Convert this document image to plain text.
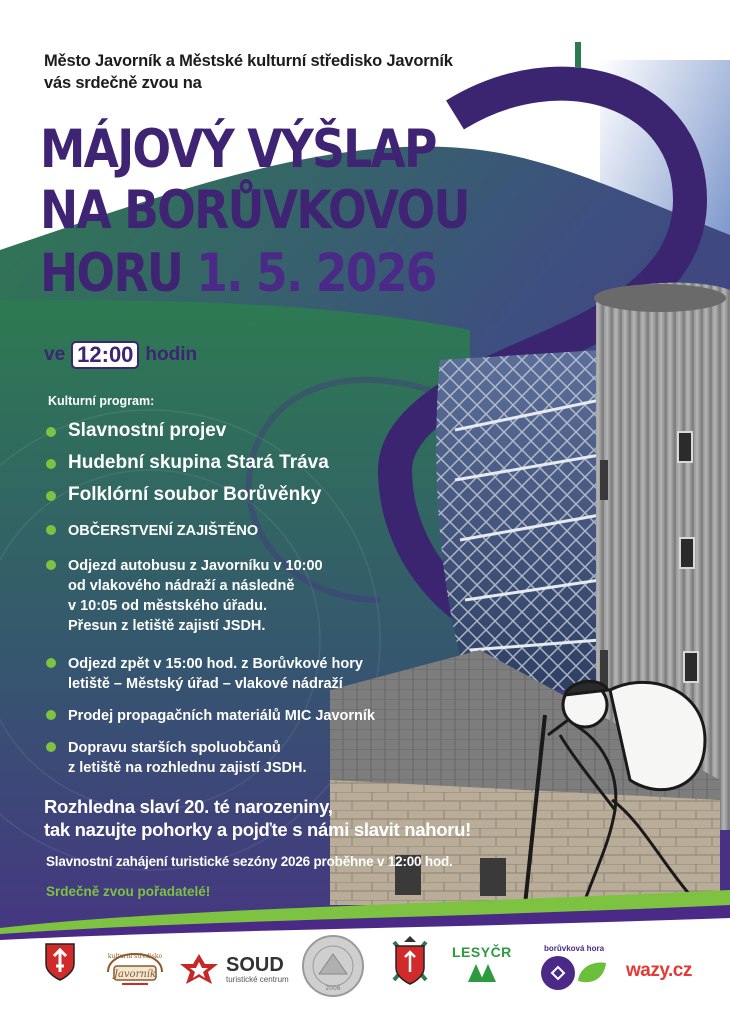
Město Javorník a Městské kulturní středisko Javorník
vás srdečně zvou na

MÁJOVÝ VÝŠLAP
NA BORŮVKOVOU
HORU 1. 5. 2026
ve 12:00 hodin
Kulturní program:
Slavnostní projev
Hudební skupina Stará Tráva
Folklórní soubor Borůvěnky
OBČERSTVENÍ ZAJIŠTĚNO
Odjezd autobusu z Javorníku v 10:00
od vlakového nádraží a následně
v 10:05 od městského úřadu.
Přesun z letiště zajistí JSDH.
Odjezd zpět v 15:00 hod. z Borůvkové hory
letiště – Městský úřad – vlakové nádraží
Prodej propagačních materiálů MIC Javorník
Dopravu starších spoluobčanů
z letiště na rozhlednu zajistí JSDH.

Rozhledna slaví 20. té narozeniny,
tak nazujte pohorky a pojďte s námi slavit nahoru!

Slavnostní zahájení turistické sezóny 2026 proběhne v 12:00 hod.
Srdečně zvou pořadatelé!
kulturní středisko
Javorník	SOUD
turistické centrum
2006
LESYČR	borůvková hora
wazy.cz
